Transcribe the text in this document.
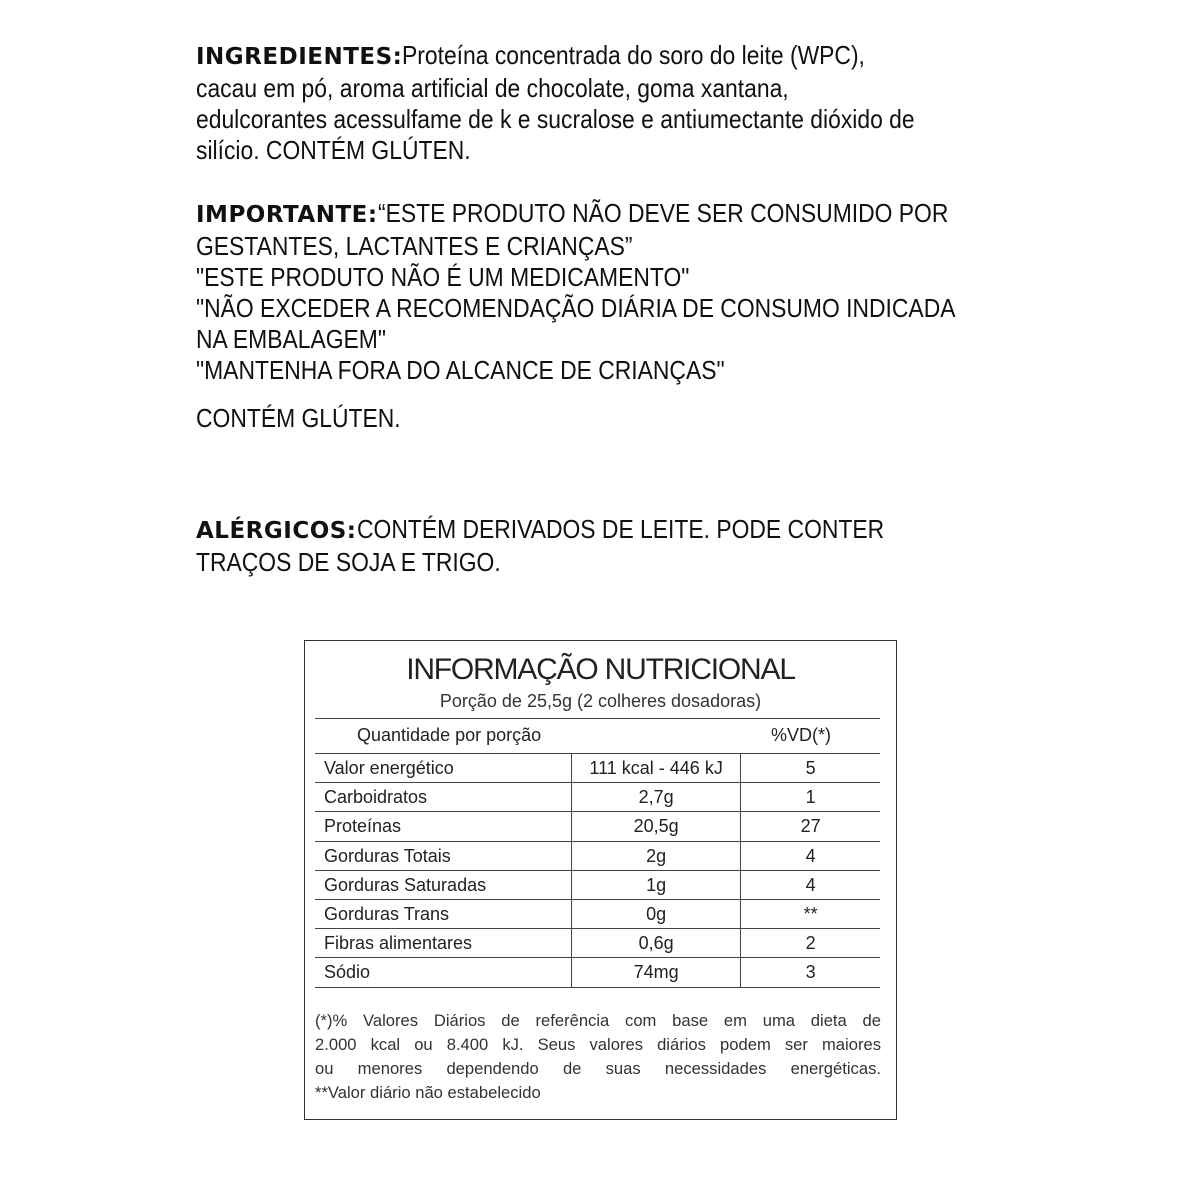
INGREDIENTES:Proteína concentrada do soro do leite (WPC),
cacau em pó, aroma artificial de chocolate, goma xantana,
edulcorantes acessulfame de k e sucralose e antiumectante dióxido de
silício. CONTÉM GLÚTEN.
IMPORTANTE:“ESTE PRODUTO NÃO DEVE SER CONSUMIDO POR
GESTANTES, LACTANTES E CRIANÇAS”
"ESTE PRODUTO NÃO É UM MEDICAMENTO"
"NÃO EXCEDER A RECOMENDAÇÃO DIÁRIA DE CONSUMO INDICADA
NA EMBALAGEM"
"MANTENHA FORA DO ALCANCE DE CRIANÇAS"
CONTÉM GLÚTEN.
ALÉRGICOS:CONTÉM DERIVADOS DE LEITE. PODE CONTER
TRAÇOS DE SOJA E TRIGO.
INFORMAÇÃO NUTRICIONAL
Porção de 25,5g (2 colheres dosadoras)
Quantidade por porção	%VD(*)
Valor energético	111 kcal - 446 kJ	5
Carboidratos	2,7g	1
Proteínas	20,5g	27
Gorduras Totais	2g	4
Gorduras Saturadas	1g	4
Gorduras Trans	0g	**
Fibras alimentares	0,6g	2
Sódio	74mg	3
(*)% Valores Diários de referência com base em uma dieta de
2.000 kcal ou 8.400 kJ. Seus valores diários podem ser maiores
ou menores dependendo de suas necessidades energéticas.
**Valor diário não estabelecido
